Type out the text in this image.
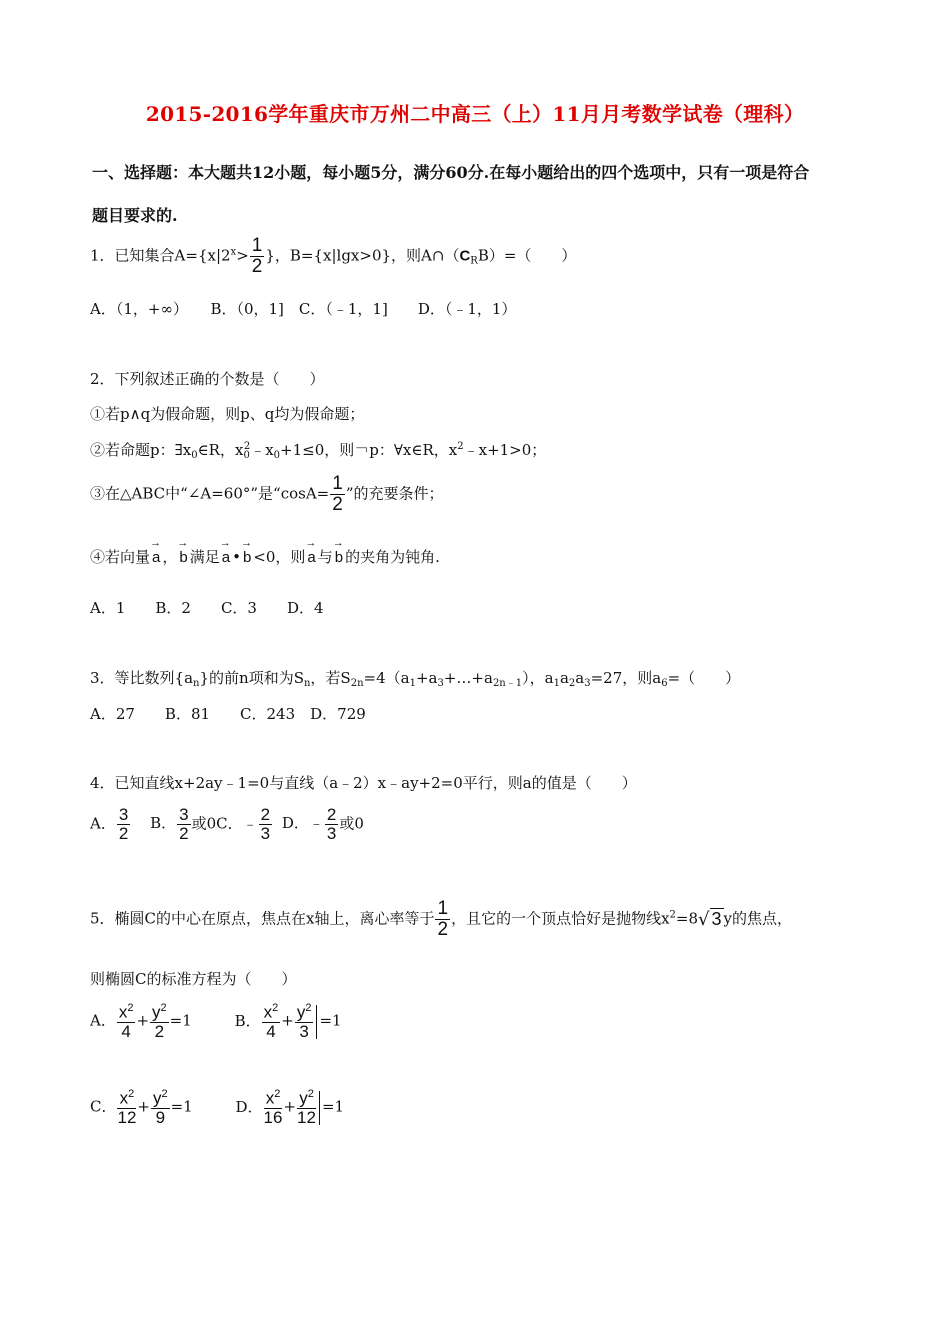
2015-2016学年重庆市万州二中高三（上）11月月考数学试卷（理科）
一、选择题：本大题共12小题，每小题5分，满分60分.在每小题给出的四个选项中，只有一项是符合
题目要求的.
1．已知集合$A=\{x|2^x> \frac{1}{2}$ }，B={x|lgx>0}，则$A\cap(C_RB)=$（　　）
A．（1，+∞）　　B．（0，1]　C．（﹣1，1]　　D．（﹣1，1）
2．下列叙述正确的个数是（　　）
①若p∧q为假命题，则p、q均为假命题；
②若命题p：$\exists x_0\in R$，$x_0^2﹣x_0+1\le 0$，则￢p：∀x∈R，$x^2﹣x+1>0$；
③在△ABC中“∠A=60°”是“$\cos A= \frac{1}{2}$ ”的充要条件；
④若向量
→
a ，
→
b 满足
→
a •
→
b <0，则
→
a 与
→
b 的夹角为钝角.
A．1　　B．2　　C．3　　D．4
3．等比数列$\{a_n\}$的前n项和为$S_n$，若$S_{2n}=4(a_1+a_3+\dots+a_{2n﹣1})$，$a_1a_2a_3=27$，则$a_6=$（　　）
A．27　　B．81　　C．243　D．729
4．已知直线x+2ay﹣1=0与直线（a﹣2）x﹣ay+2=0平行，则a的值是（　　）
A． $\frac{3}{2}$ B． $\frac{3}{2}$ 或0C．﹣ $\frac{2}{3}$ D．﹣ $\frac{2}{3}$ 或0
5．椭圆C的中心在原点，焦点在x轴上，离心率等于 $\frac{1}{2}$ ，且它的一个顶点恰好是抛物线$x^2=8√$ 3 y的焦点，
则椭圆C的标准方程为（　　）
A． $\frac{x^2}{4} + \frac{y^2}{2} =1$	B． $\frac{x^2}{4} + \frac{y^2}{3} =1$
C． $\frac{x^2}{12} + \frac{y^2}{9} =1$	D． $\frac{x^2}{16} + \frac{y^2}{12} =1$
